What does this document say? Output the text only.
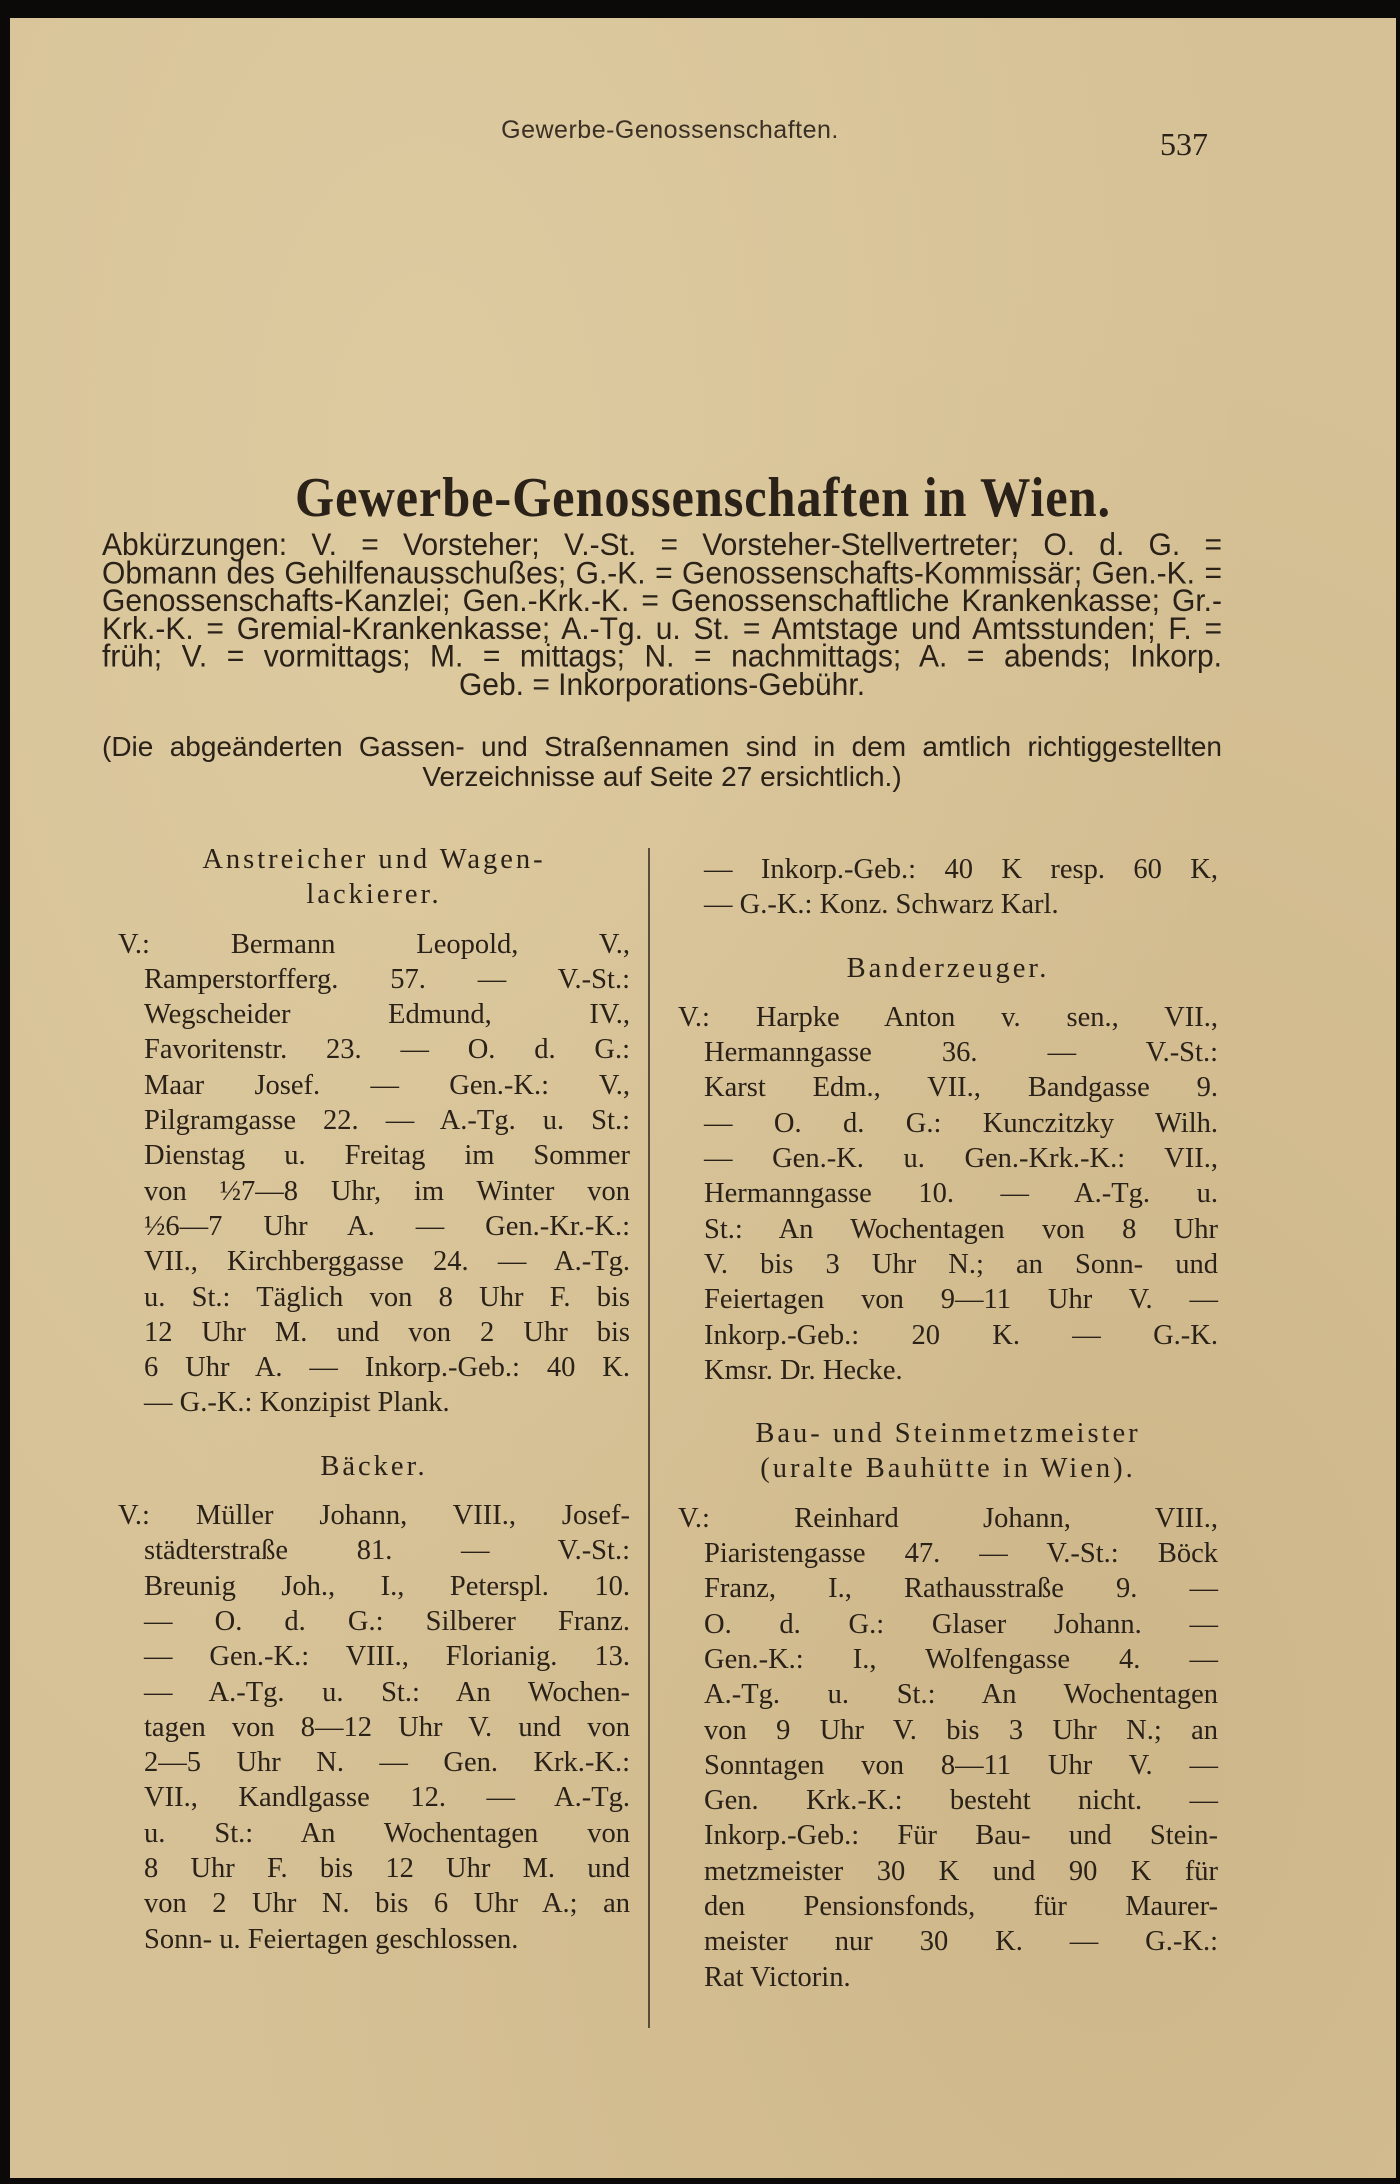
Gewerbe-Genossenschaften.	537
Gewerbe-Genossenschaften in Wien.
Abkürzungen: V. = Vorsteher; V.-St. = Vorsteher-Stellvertreter; O. d. G. =
Obmann des Gehilfenausschußes; G.-K. = Genossenschafts-Kommissär; Gen.-K. =
Genossenschafts-Kanzlei; Gen.-Krk.-K. = Genossenschaftliche Krankenkasse; Gr.-
Krk.-K. = Gremial-Krankenkasse; A.-Tg. u. St. = Amtstage und Amtsstunden; F. =
früh; V. = vormittags; M. = mittags; N. = nachmittags; A. = abends; Inkorp.
Geb. = Inkorporations-Gebühr.
(Die abgeänderten Gassen- und Straßennamen sind in dem amtlich richtiggestellten
Verzeichnisse auf Seite 27 ersichtlich.)
Anstreicher und Wagen-
lackierer.
V.: Bermann Leopold, V.,
Ramperstorfferg. 57. — V.-St.:
Wegscheider Edmund, IV.,
Favoritenstr. 23. — O. d. G.:
Maar Josef. — Gen.-K.: V.,
Pilgramgasse 22. — A.-Tg. u. St.:
Dienstag u. Freitag im Sommer
von ½7—8 Uhr, im Winter von
½6—7 Uhr A. — Gen.-Kr.-K.:
VII., Kirchberggasse 24. — A.-Tg.
u. St.: Täglich von 8 Uhr F. bis
12 Uhr M. und von 2 Uhr bis
6 Uhr A. — Inkorp.-Geb.: 40 K.
— G.-K.: Konzipist Plank.
Bäcker.
V.: Müller Johann, VIII., Josef-
städterstraße 81. — V.-St.:
Breunig Joh., I., Peterspl. 10.
— O. d. G.: Silberer Franz.
— Gen.-K.: VIII., Florianig. 13.
— A.-Tg. u. St.: An Wochen-
tagen von 8—12 Uhr V. und von
2—5 Uhr N. — Gen. Krk.-K.:
VII., Kandlgasse 12. — A.-Tg.
u. St.: An Wochentagen von
8 Uhr F. bis 12 Uhr M. und
von 2 Uhr N. bis 6 Uhr A.; an
Sonn- u. Feiertagen geschlossen.
— Inkorp.-Geb.: 40 K resp. 60 K,
— G.-K.: Konz. Schwarz Karl.
Banderzeuger.
V.: Harpke Anton v. sen., VII.,
Hermanngasse 36. — V.-St.:
Karst Edm., VII., Bandgasse 9.
— O. d. G.: Kunczitzky Wilh.
— Gen.-K. u. Gen.-Krk.-K.: VII.,
Hermanngasse 10. — A.-Tg. u.
St.: An Wochentagen von 8 Uhr
V. bis 3 Uhr N.; an Sonn- und
Feiertagen von 9—11 Uhr V. —
Inkorp.-Geb.: 20 K. — G.-K.
Kmsr. Dr. Hecke.
Bau- und Steinmetzmeister
(uralte Bauhütte in Wien).
V.: Reinhard Johann, VIII.,
Piaristengasse 47. — V.-St.: Böck
Franz, I., Rathausstraße 9. —
O. d. G.: Glaser Johann. —
Gen.-K.: I., Wolfengasse 4. —
A.-Tg. u. St.: An Wochentagen
von 9 Uhr V. bis 3 Uhr N.; an
Sonntagen von 8—11 Uhr V. —
Gen. Krk.-K.: besteht nicht. —
Inkorp.-Geb.: Für Bau- und Stein-
metzmeister 30 K und 90 K für
den Pensionsfonds, für Maurer-
meister nur 30 K. — G.-K.:
Rat Victorin.
